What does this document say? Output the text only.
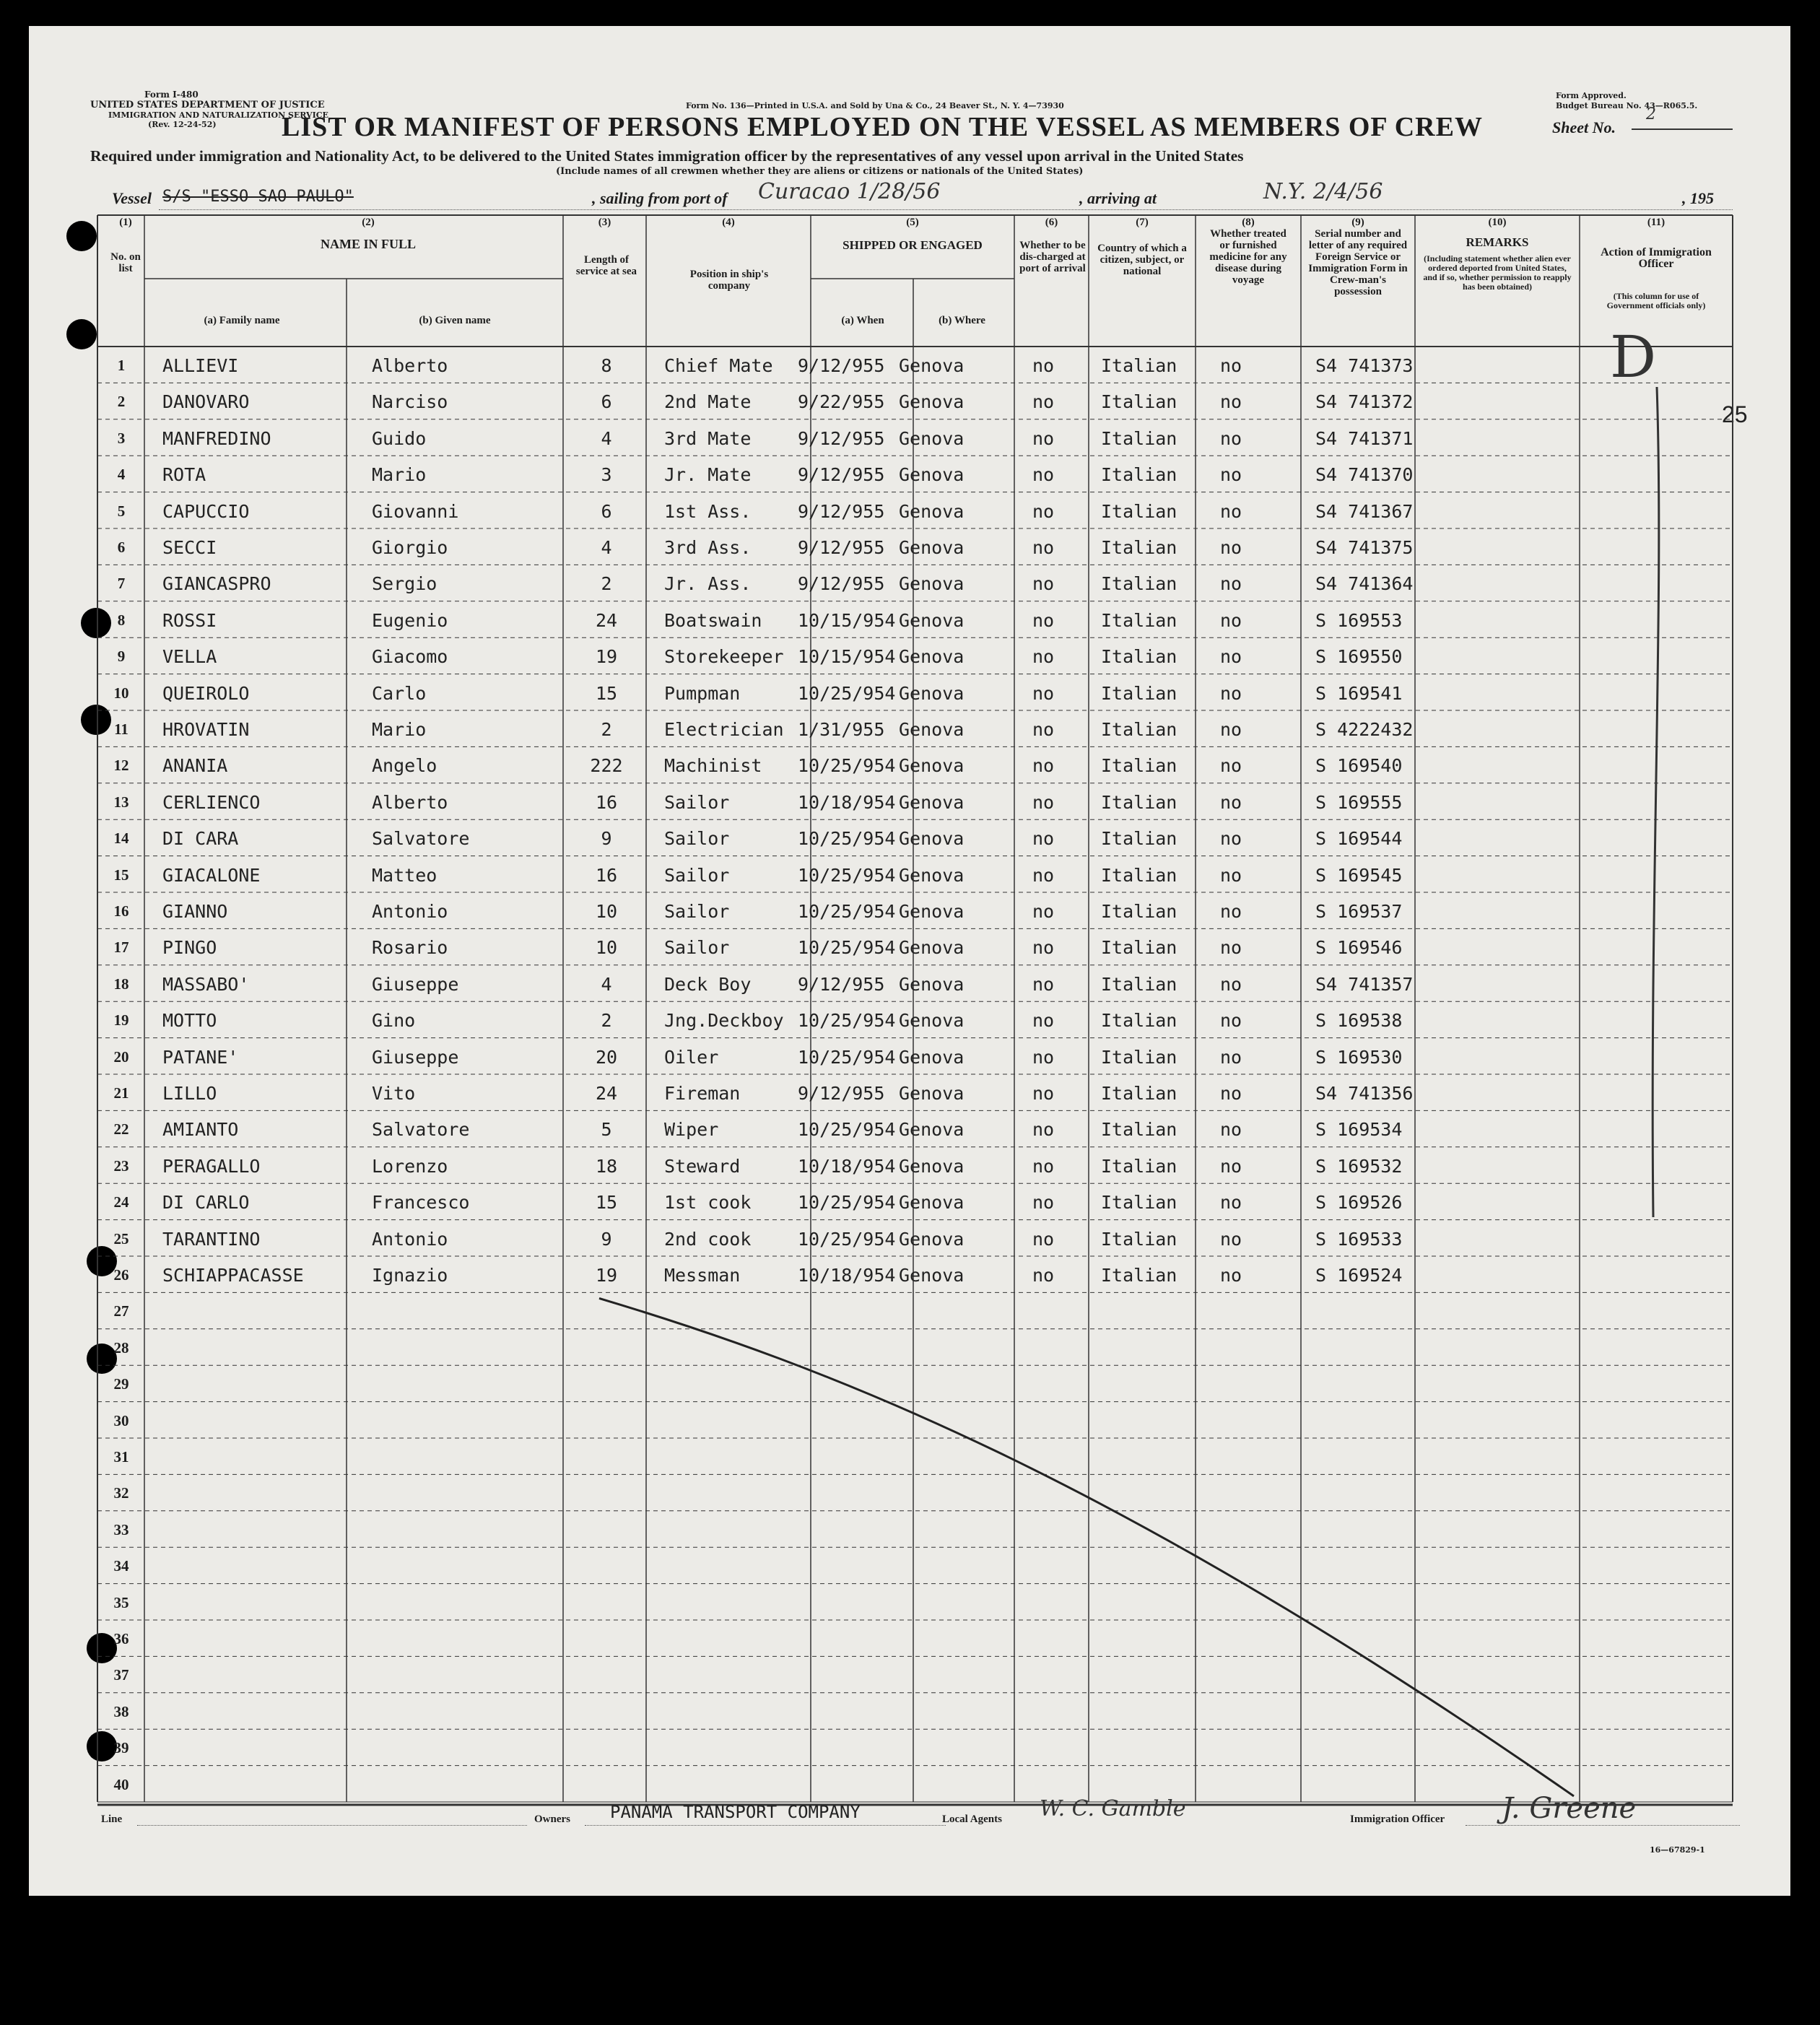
Form I-480
UNITED STATES DEPARTMENT OF JUSTICE
IMMIGRATION AND NATURALIZATION SERVICE
(Rev. 12-24-52)
Form No. 136—Printed in U.S.A. and Sold by Una & Co., 24 Beaver St., N. Y. 4—73930
Form Approved.
Budget Bureau No. 43—R065.5.
LIST OR MANIFEST OF PERSONS EMPLOYED ON THE VESSEL AS MEMBERS OF CREW	Sheet No.
2
Required under immigration and Nationality Act, to be delivered to the United States immigration officer by the representatives of any vessel upon arrival in the United States
(Include names of all crewmen whether they are aliens or citizens or nationals of the United States)
Vessel S/S "ESSO SAO PAULO"	, sailing from port of Curacao 1/28/56	, arriving at	N.Y. 2/4/56	, 195
25
(1)
No. on list
(2)
NAME IN FULL
(a) Family name	(b) Given name
(3)
Length of service at sea
(4)
Position in ship's company
(5)
SHIPPED OR ENGAGED
(a) When	(b) Where
(6)
Whether to be dis-charged at port of arrival
(7)
Country of which a citizen, subject, or national
(8)
Whether treated or furnished medicine for any disease during voyage
(9)
Serial number and letter of any required Foreign Service or Immigration Form in Crew-man's possession
(10)
REMARKS
(Including statement whether alien ever ordered deported from United States, and if so, whether permission to reapply has been obtained)
(11)
Action of Immigration Officer
(This column for use of Government officials only)
1	ALLIEVI	Alberto	8	Chief Mate 9/12/955 Genova	no	Italian no	S4 741373
2	DANOVARO	Narciso	6	2nd Mate	9/22/955 Genova	no	Italian no	S4 741372
3	MANFREDINO	Guido	4	3rd Mate	9/12/955 Genova	no	Italian no	S4 741371
4	ROTA	Mario	3	Jr. Mate	9/12/955 Genova	no	Italian no	S4 741370
5	CAPUCCIO	Giovanni	6	1st Ass.	9/12/955 Genova	no	Italian no	S4 741367
6	SECCI	Giorgio	4	3rd Ass.	9/12/955 Genova	no	Italian no	S4 741375
7	GIANCASPRO	Sergio	2	Jr. Ass.	9/12/955 Genova	no	Italian no	S4 741364
8	ROSSI	Eugenio	24	Boatswain 10/15/954 Genova	no	Italian no	S 169553
9	VELLA	Giacomo	19	Storekeeper 10/15/954 Genova	no	Italian no	S 169550
10	QUEIROLO	Carlo	15	Pumpman	10/25/954 Genova	no	Italian no	S 169541
11	HROVATIN	Mario	2	Electrician 1/31/955 Genova	no	Italian no	S 4222432
12	ANANIA	Angelo	222	Machinist 10/25/954 Genova	no	Italian no	S 169540
13	CERLIENCO	Alberto	16	Sailor	10/18/954 Genova	no	Italian no	S 169555
14	DI CARA	Salvatore	9	Sailor	10/25/954 Genova	no	Italian no	S 169544
15	GIACALONE	Matteo	16	Sailor	10/25/954 Genova	no	Italian no	S 169545
16	GIANNO	Antonio	10	Sailor	10/25/954 Genova	no	Italian no	S 169537
17	PINGO	Rosario	10	Sailor	10/25/954 Genova	no	Italian no	S 169546
18	MASSABO'	Giuseppe	4	Deck Boy	9/12/955 Genova	no	Italian no	S4 741357
19	MOTTO	Gino	2	Jng.Deckboy 10/25/954 Genova	no	Italian no	S 169538
20	PATANE'	Giuseppe	20	Oiler	10/25/954 Genova	no	Italian no	S 169530
21	LILLO	Vito	24	Fireman	9/12/955 Genova	no	Italian no	S4 741356
22	AMIANTO	Salvatore	5	Wiper	10/25/954 Genova	no	Italian no	S 169534
23	PERAGALLO	Lorenzo	18	Steward	10/18/954 Genova	no	Italian no	S 169532
24	DI CARLO	Francesco	15	1st cook	10/25/954 Genova	no	Italian no	S 169526
25	TARANTINO	Antonio	9	2nd cook	10/25/954 Genova	no	Italian no	S 169533
26	SCHIAPPACASSE	Ignazio	19	Messman	10/18/954 Genova	no	Italian no	S 169524
27
28
29
30
31
32
33
34
35
36
37
38
39
40
D
Line	Owners PANAMA TRANSPORT COMPANY	Local Agents W. C. Gamble	Immigration Officer J. Greene
16—67829-1
